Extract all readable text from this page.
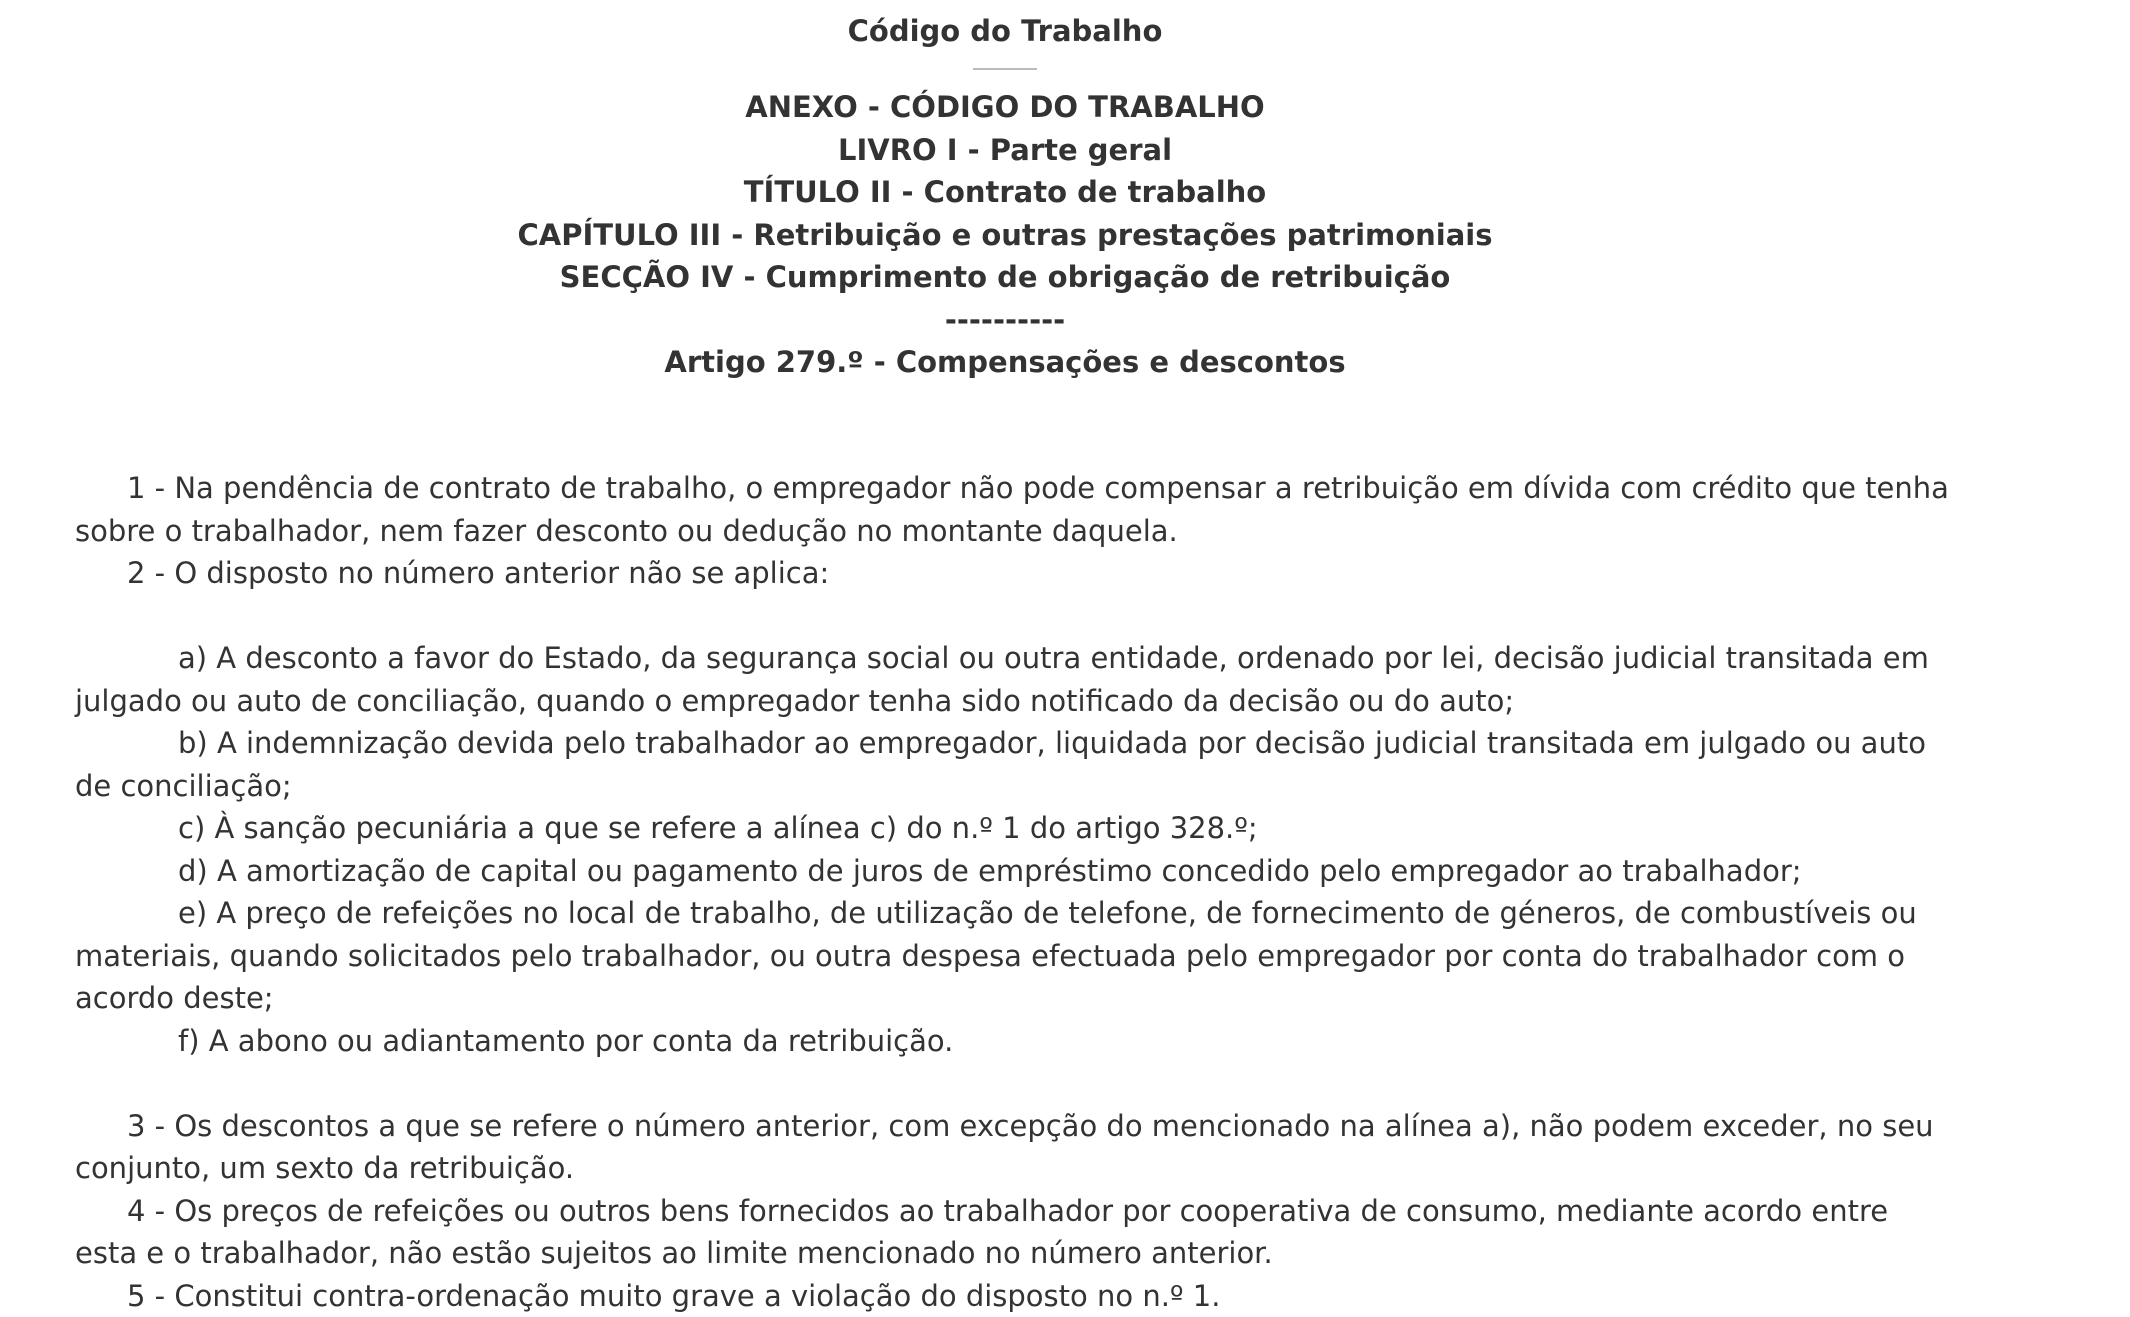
Código do Trabalho
ANEXO - CÓDIGO DO TRABALHO
LIVRO I - Parte geral
TÍTULO II - Contrato de trabalho
CAPÍTULO III - Retribuição e outras prestações patrimoniais
SECÇÃO IV - Cumprimento de obrigação de retribuição
----------
Artigo 279.º - Compensações e descontos

1 - Na pendência de contrato de trabalho, o empregador não pode compensar a retribuição em dívida com crédito que tenha sobre o trabalhador, nem fazer desconto ou dedução no montante daquela.

2 - O disposto no número anterior não se aplica:

a) A desconto a favor do Estado, da segurança social ou outra entidade, ordenado por lei, decisão judicial transitada em julgado ou auto de conciliação, quando o empregador tenha sido notificado da decisão ou do auto;

b) A indemnização devida pelo trabalhador ao empregador, liquidada por decisão judicial transitada em julgado ou auto de conciliação;

c) À sanção pecuniária a que se refere a alínea c) do n.º 1 do artigo 328.º;

d) A amortização de capital ou pagamento de juros de empréstimo concedido pelo empregador ao trabalhador;

e) A preço de refeições no local de trabalho, de utilização de telefone, de fornecimento de géneros, de combustíveis ou materiais, quando solicitados pelo trabalhador, ou outra despesa efectuada pelo empregador por conta do trabalhador com o acordo deste;

f) A abono ou adiantamento por conta da retribuição.

3 - Os descontos a que se refere o número anterior, com excepção do mencionado na alínea a), não podem exceder, no seu conjunto, um sexto da retribuição.

4 - Os preços de refeições ou outros bens fornecidos ao trabalhador por cooperativa de consumo, mediante acordo entre esta e o trabalhador, não estão sujeitos ao limite mencionado no número anterior.

5 - Constitui contra-ordenação muito grave a violação do disposto no n.º 1.
